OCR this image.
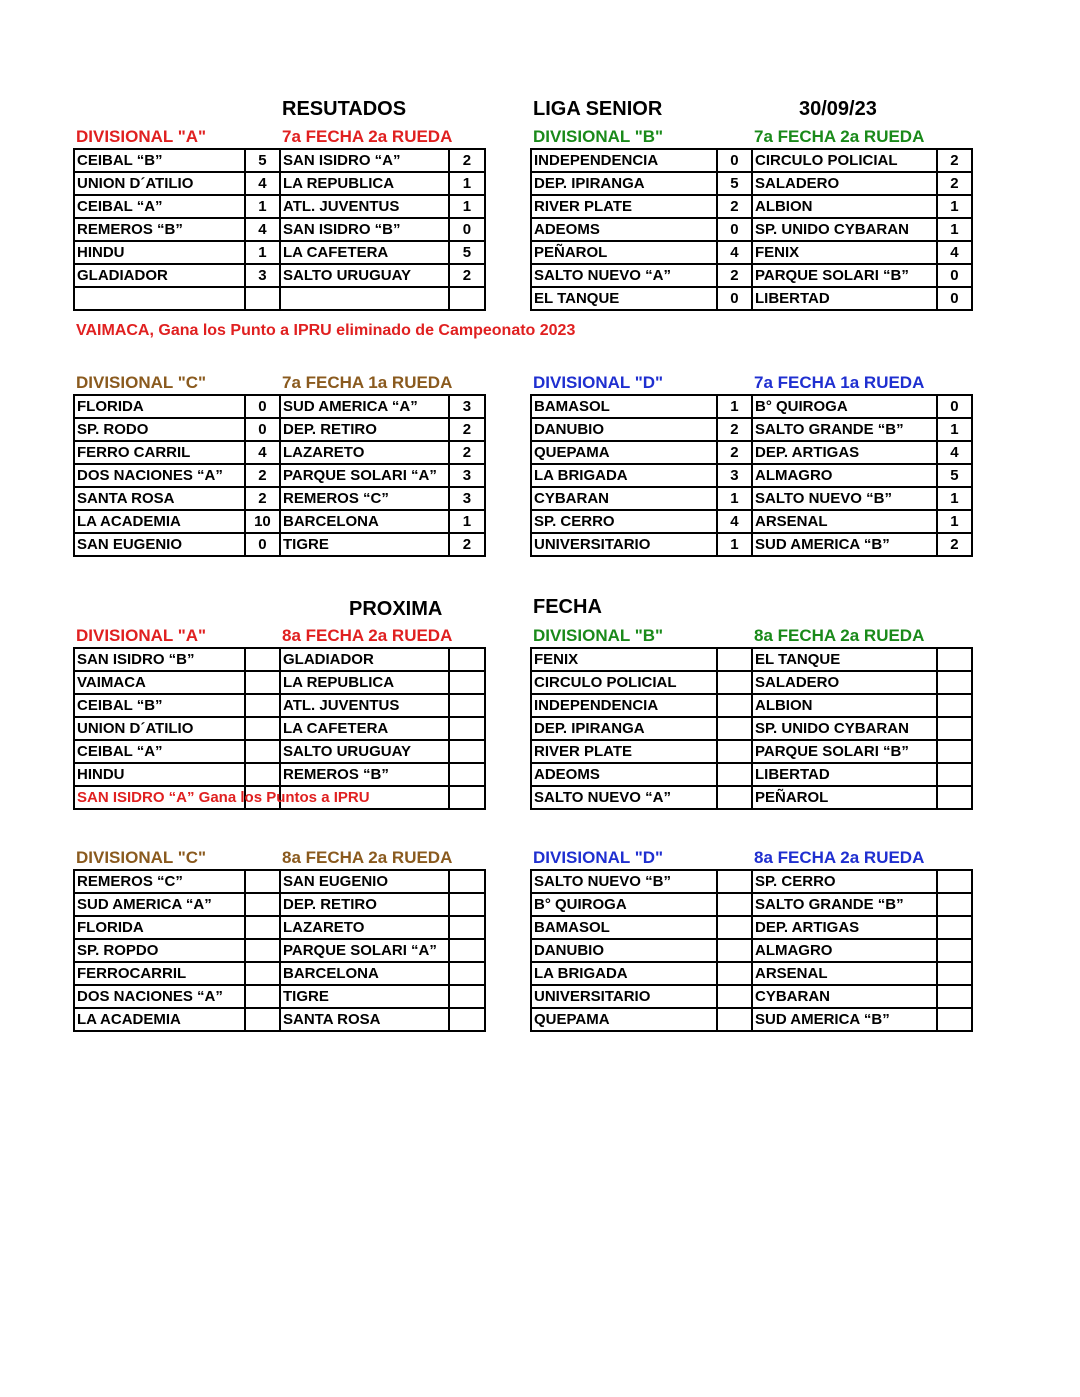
RESUTADOS	LIGA SENIOR	30/09/23
DIVISIONAL "A"	7a FECHA 2a RUEDA
CEIBAL “B”	5	SAN ISIDRO “A”	2
UNION D´ATILIO	4	LA REPUBLICA	1
CEIBAL “A”	1	ATL. JUVENTUS	1
REMEROS “B”	4	SAN ISIDRO “B”	0
HINDU	1	LA CAFETERA	5
GLADIADOR	3	SALTO URUGUAY	2

DIVISIONAL "B"	7a FECHA 2a RUEDA
INDEPENDENCIA	0	CIRCULO POLICIAL	2
DEP. IPIRANGA	5	SALADERO	2
RIVER PLATE	2	ALBION	1
ADEOMS	0	SP. UNIDO CYBARAN	1
PEÑAROL	4	FENIX	4
SALTO NUEVO “A”	2	PARQUE SOLARI “B”	0
EL TANQUE	0	LIBERTAD	0
VAIMACA, Gana los Punto a IPRU eliminado de Campeonato 2023
DIVISIONAL "C"	7a FECHA 1a RUEDA
FLORIDA	0	SUD AMERICA “A”	3
SP. RODO	0	DEP. RETIRO	2
FERRO CARRIL	4	LAZARETO	2
DOS NACIONES “A”	2	PARQUE SOLARI “A”	3
SANTA ROSA	2	REMEROS “C”	3
LA ACADEMIA	10	BARCELONA	1
SAN EUGENIO	0	TIGRE	2
DIVISIONAL "D"	7a FECHA 1a RUEDA
BAMASOL	1	B° QUIROGA	0
DANUBIO	2	SALTO GRANDE “B”	1
QUEPAMA	2	DEP. ARTIGAS	4
LA BRIGADA	3	ALMAGRO	5
CYBARAN	1	SALTO NUEVO “B”	1
SP. CERRO	4	ARSENAL	1
UNIVERSITARIO	1	SUD AMERICA “B”	2
PROXIMA	FECHA
DIVISIONAL "A"	8a FECHA 2a RUEDA
SAN ISIDRO “B”		GLADIADOR	
VAIMACA		LA REPUBLICA	
CEIBAL “B”		ATL. JUVENTUS	
UNION D´ATILIO		LA CAFETERA	
CEIBAL “A”		SALTO URUGUAY	
HINDU		REMEROS “B”	

SAN ISIDRO “A” Gana los Puntos a IPRU			

DIVISIONAL "B"	8a FECHA 2a RUEDA
FENIX		EL TANQUE	
CIRCULO POLICIAL		SALADERO	
INDEPENDENCIA		ALBION	
DEP. IPIRANGA		SP. UNIDO CYBARAN	
RIVER PLATE		PARQUE SOLARI “B”	
ADEOMS		LIBERTAD	
SALTO NUEVO “A”		PEÑAROL	
DIVISIONAL "C"	8a FECHA 2a RUEDA
REMEROS “C”		SAN EUGENIO	
SUD AMERICA “A”		DEP. RETIRO	
FLORIDA		LAZARETO	
SP. ROPDO		PARQUE SOLARI “A”	
FERROCARRIL		BARCELONA	
DOS NACIONES “A”		TIGRE	
LA ACADEMIA		SANTA ROSA	
DIVISIONAL "D"	8a FECHA 2a RUEDA
SALTO NUEVO “B”		SP. CERRO	
B° QUIROGA		SALTO GRANDE “B”	
BAMASOL		DEP. ARTIGAS	
DANUBIO		ALMAGRO	
LA BRIGADA		ARSENAL	
UNIVERSITARIO		CYBARAN	
QUEPAMA		SUD AMERICA “B”	
